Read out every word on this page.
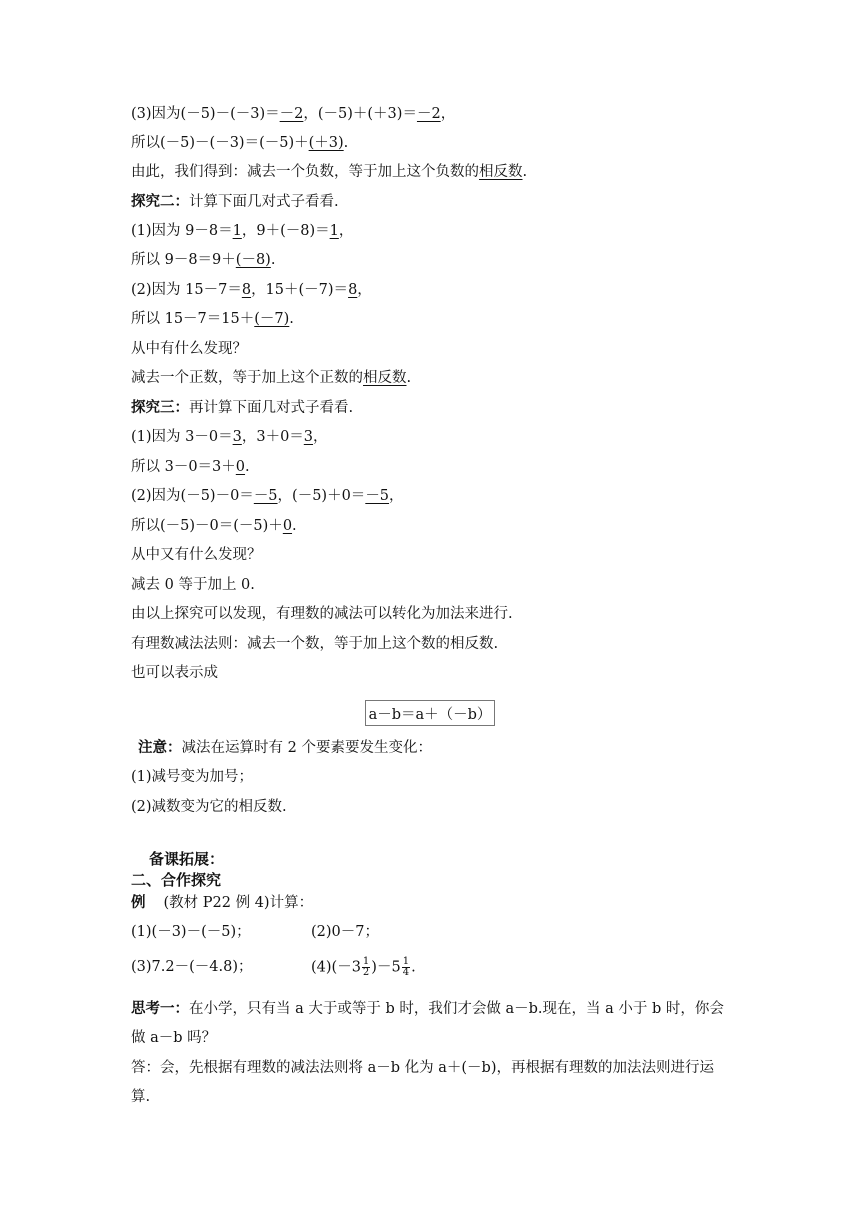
(3)因为(－5)－(－3)＝－2，(－5)＋(＋3)＝－2，
所以(－5)－(－3)＝(－5)＋(＋3).
由此，我们得到：减去一个负数，等于加上这个负数的相反数.
探究二：计算下面几对式子看看.
(1)因为 9－8＝1，9＋(－8)＝1，
所以 9－8＝9＋(－8).
(2)因为 15－7＝8，15＋(－7)＝8，
所以 15－7＝15＋(－7).
从中有什么发现？
减去一个正数，等于加上这个正数的相反数.
探究三：再计算下面几对式子看看.
(1)因为 3－0＝3，3＋0＝3，
所以 3－0＝3＋0.
(2)因为(－5)－0＝－5，(－5)＋0＝－5，
所以(－5)－0＝(－5)＋0.
从中又有什么发现？
减去 0 等于加上 0.
由以上探究可以发现，有理数的减法可以转化为加法来进行.
有理数减法法则：减去一个数，等于加上这个数的相反数.
也可以表示成
a－b＝a＋（－b）
注意：减法在运算时有 2 个要素要发生变化：
(1)减号变为加号；
(2)减数变为它的相反数.
备课拓展：
二、合作探究
例 (教材 P22 例 4)计算：
(1)(－3)－(－5)；	(2)0－7；
(3)7.2－(－4.8)；	$(4)(-3 \frac{1}{2} )-5 \frac{1}{4}$ .
思考一：在小学，只有当 a 大于或等于 b 时，我们才会做 a－b.现在，当 a 小于 b 时，你会
做 a－b 吗？
答：会，先根据有理数的减法法则将 a－b 化为 a＋(－b)，再根据有理数的加法法则进行运
算.
